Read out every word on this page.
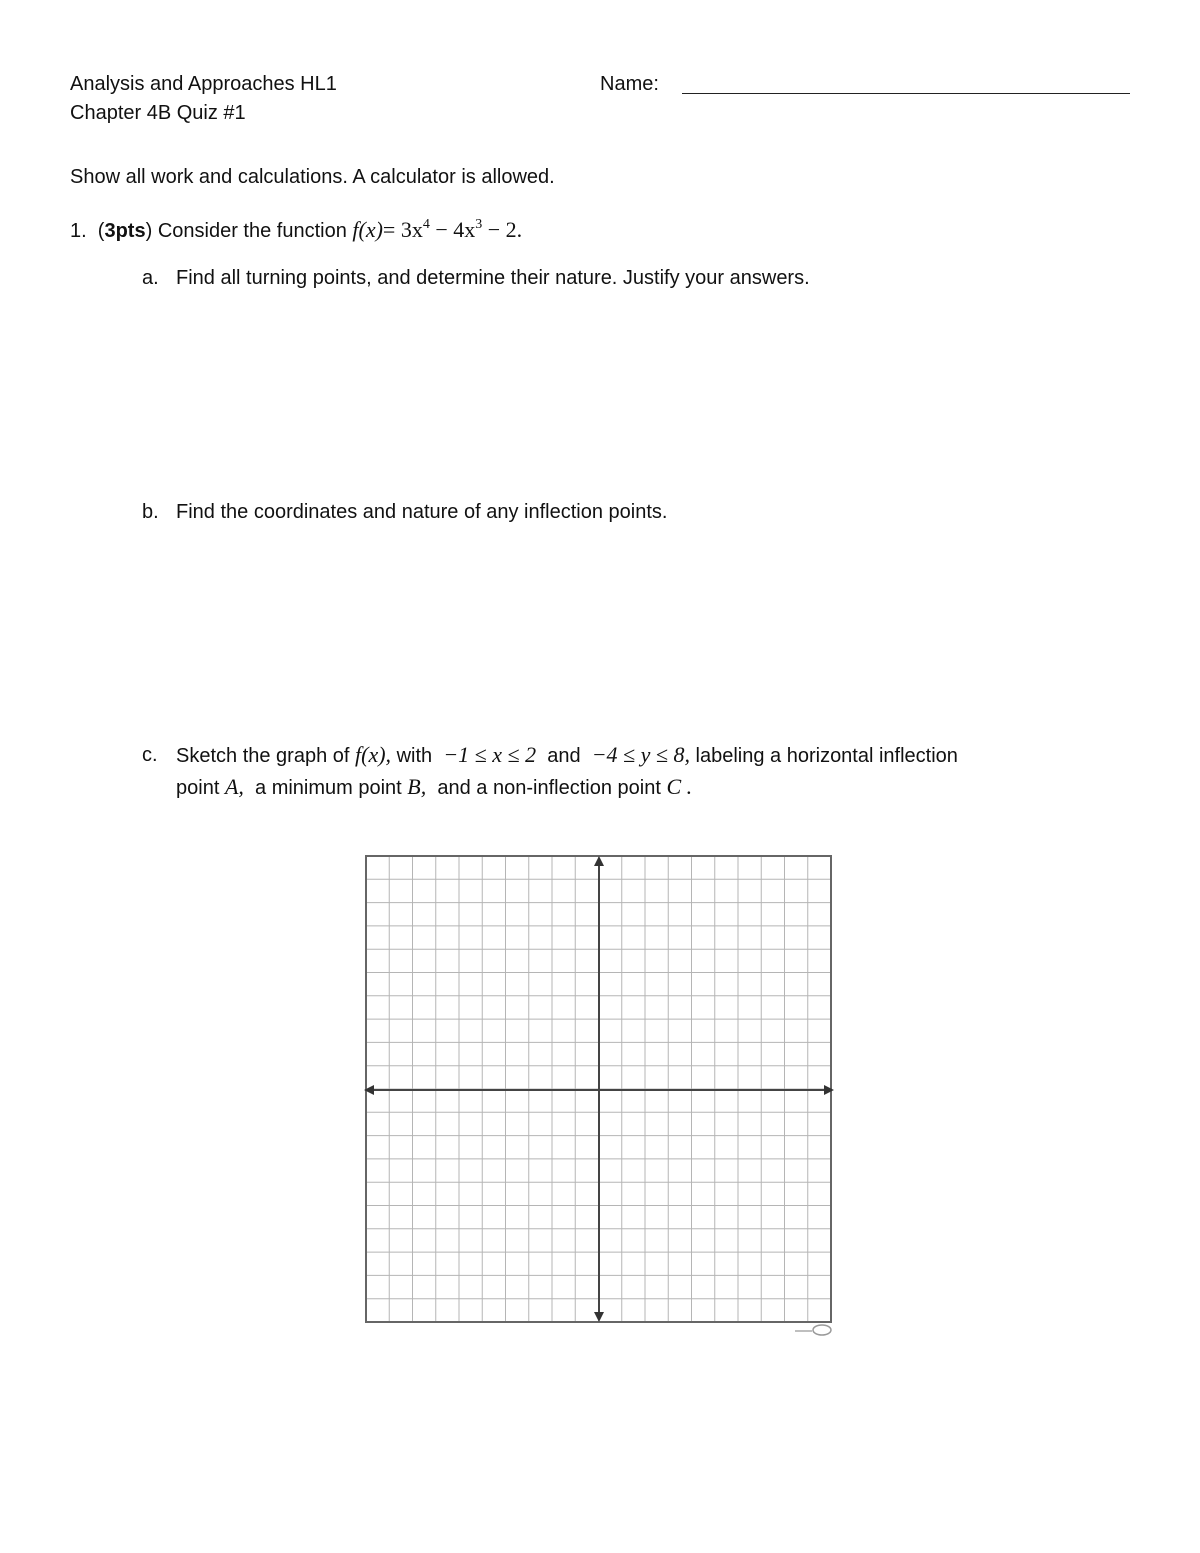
Analysis and Approaches HL1
Chapter 4B Quiz #1
Name:
Show all work and calculations. A calculator is allowed.
1.  (3pts) Consider the function $f(x)= 3x^4 - 4x^3 - 2$.
a. Find all turning points, and determine their nature. Justify your answers.
b. Find the coordinates and nature of any inflection points.
c. Sketch the graph of f(x), with −1 ≤ x ≤ 2 and −4 ≤ y ≤ 8, labeling a horizontal inflection
point A, a minimum point B, and a non-inflection point C .
